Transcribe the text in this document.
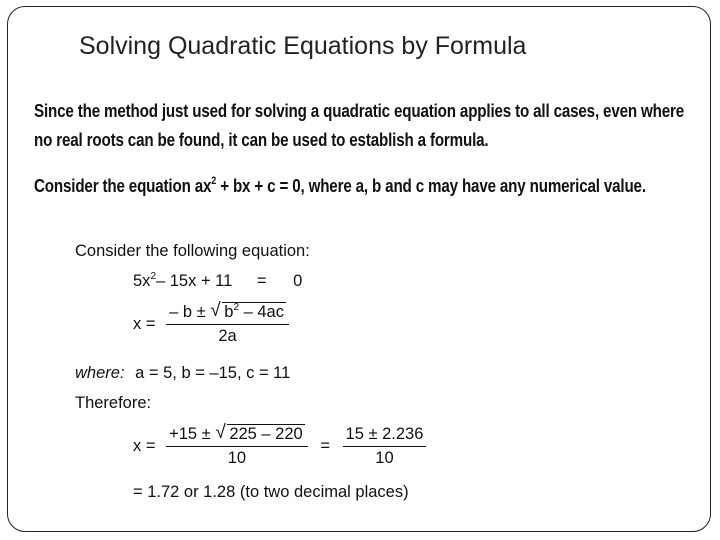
Solving Quadratic Equations by Formula
Since the method just used for solving a quadratic equation applies to all cases, even where
no real roots can be found, it can be used to establish a formula.
Consider the equation $ax^2$ + bx + c = 0, where a, b and c may have any numerical value.
Consider the following equation:
5x2– 15x + 11 = 0
$x = \frac{- b \pm √ b^2 - 4ac}{2a}$
where: a = 5, b = –15, c = 11
Therefore:
$x = \frac{+15 \pm √ 225 - 220}{10} = \frac{15 \pm 2.236}{10}$
= 1.72 or 1.28 (to two decimal places)
